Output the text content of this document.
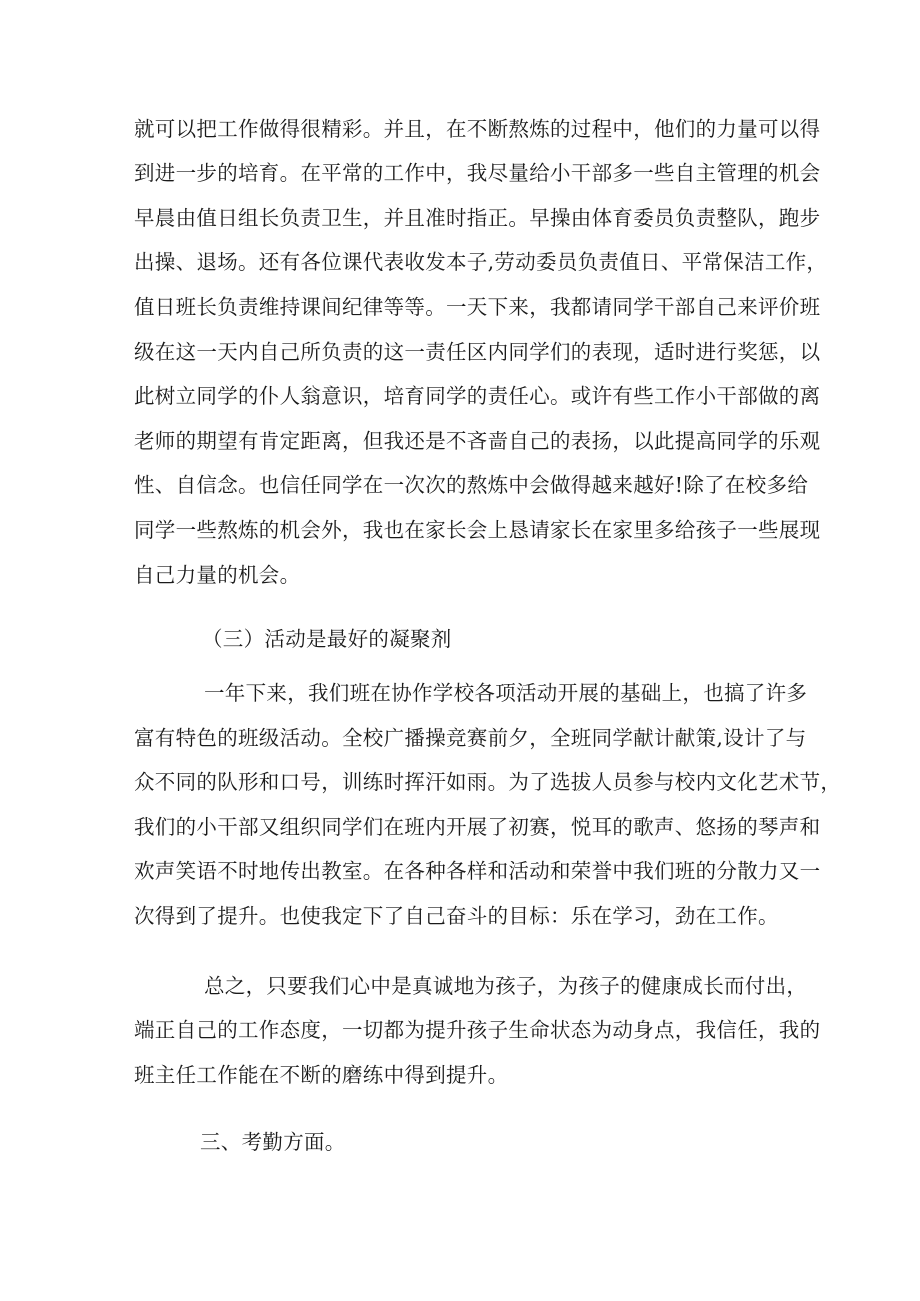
就可以把工作做得很精彩。并且，在不断熬炼的过程中，他们的力量可以得
到进一步的培育。在平常的工作中，我尽量给小干部多一些自主管理的机会
早晨由值日组长负责卫生，并且准时指正。早操由体育委员负责整队，跑步
出操、退场。还有各位课代表收发本子,劳动委员负责值日、平常保洁工作，
值日班长负责维持课间纪律等等。一天下来，我都请同学干部自己来评价班
级在这一天内自己所负责的这一责任区内同学们的表现，适时进行奖惩，以
此树立同学的仆人翁意识，培育同学的责任心。或许有些工作小干部做的离
老师的期望有肯定距离，但我还是不吝啬自己的表扬，以此提高同学的乐观
性、自信念。也信任同学在一次次的熬炼中会做得越来越好!除了在校多给
同学一些熬炼的机会外，我也在家长会上恳请家长在家里多给孩子一些展现
自己力量的机会。
（三）活动是最好的凝聚剂
一年下来，我们班在协作学校各项活动开展的基础上，也搞了许多
富有特色的班级活动。全校广播操竞赛前夕，全班同学献计献策,设计了与
众不同的队形和口号，训练时挥汗如雨。为了选拔人员参与校内文化艺术节，
我们的小干部又组织同学们在班内开展了初赛，悦耳的歌声、悠扬的琴声和
欢声笑语不时地传出教室。在各种各样和活动和荣誉中我们班的分散力又一
次得到了提升。也使我定下了自己奋斗的目标：乐在学习，劲在工作。
总之，只要我们心中是真诚地为孩子，为孩子的健康成长而付出，
端正自己的工作态度，一切都为提升孩子生命状态为动身点，我信任，我的
班主任工作能在不断的磨练中得到提升。
三、考勤方面。
